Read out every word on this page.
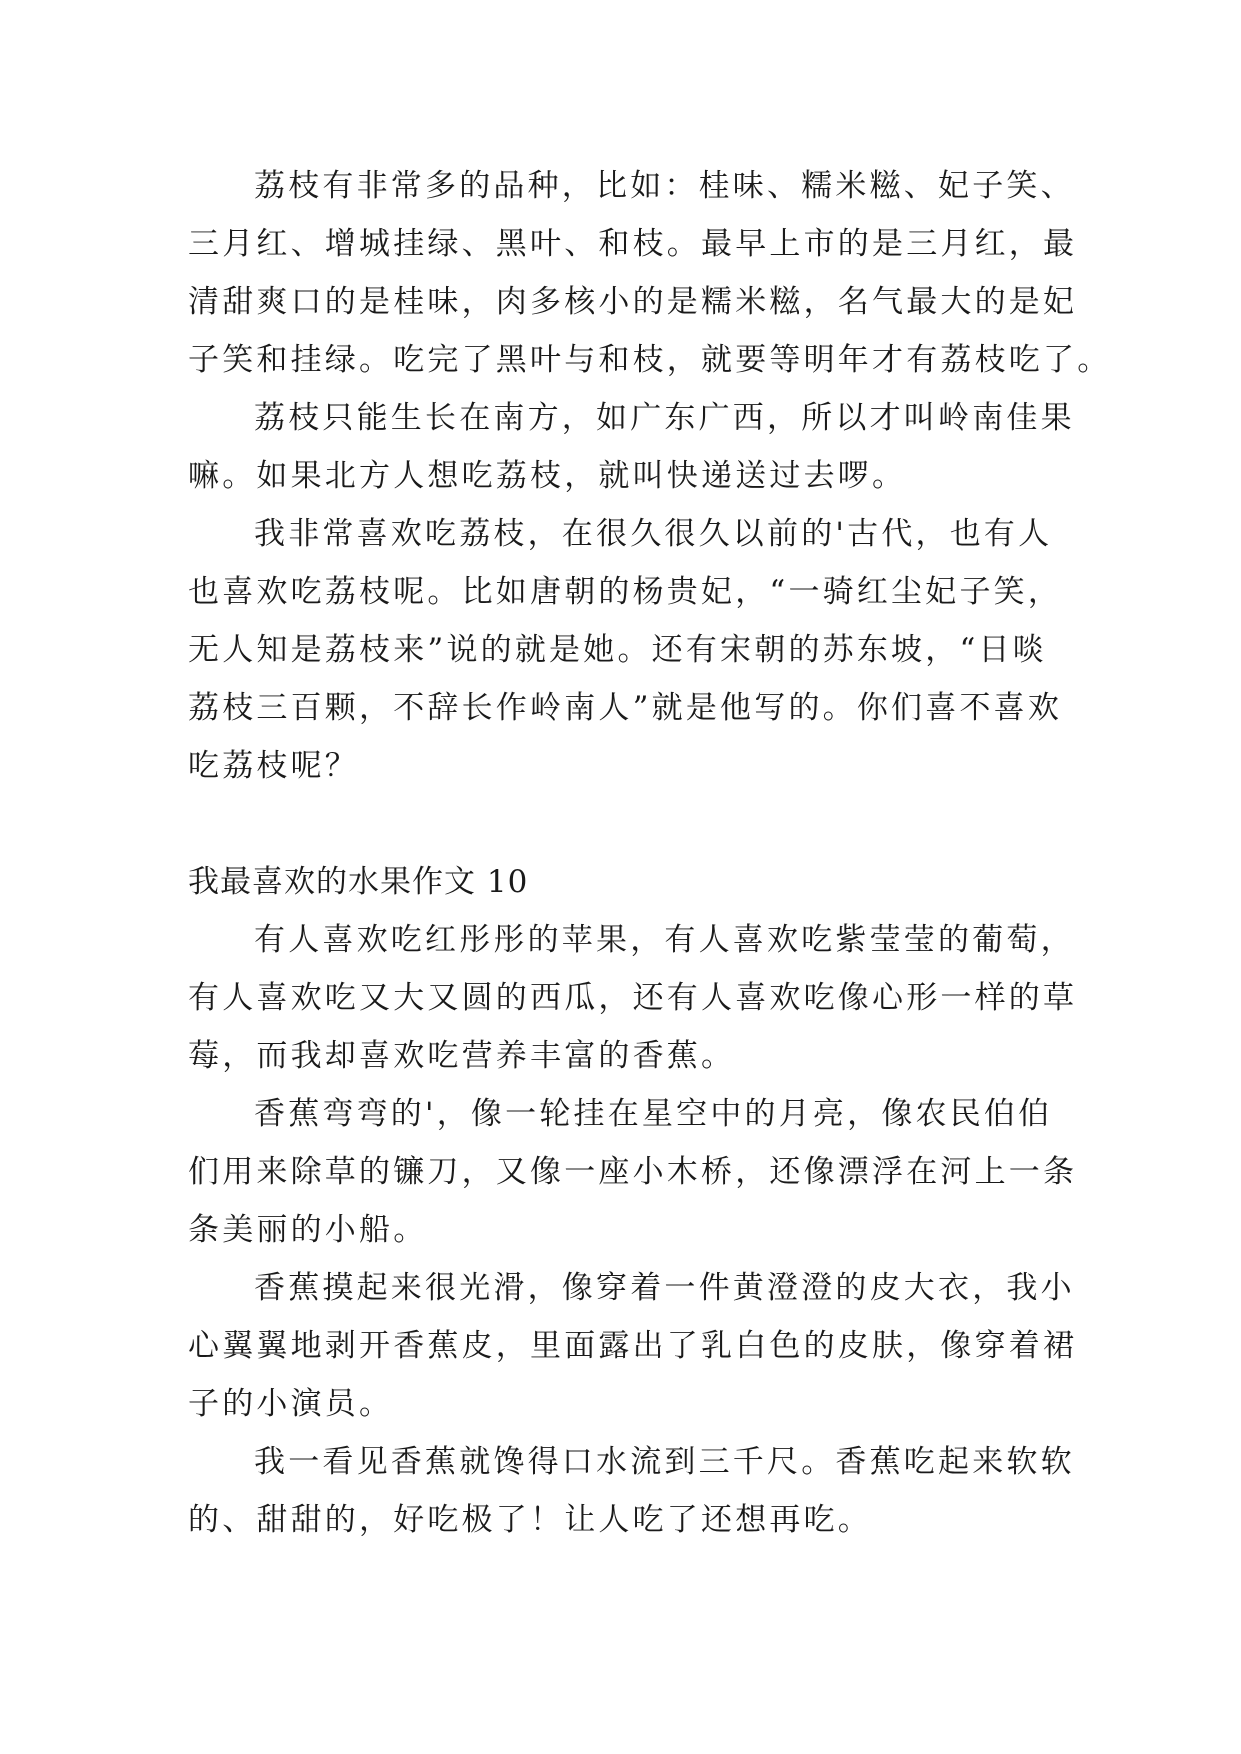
荔枝有非常多的品种，比如：桂味、糯米糍、妃子笑、
三月红、增城挂绿、黑叶、和枝。最早上市的是三月红，最
清甜爽口的是桂味，肉多核小的是糯米糍，名气最大的是妃
子笑和挂绿。吃完了黑叶与和枝，就要等明年才有荔枝吃了。
荔枝只能生长在南方，如广东广西，所以才叫岭南佳果
嘛。如果北方人想吃荔枝，就叫快递送过去啰。
我非常喜欢吃荔枝，在很久很久以前的'古代，也有人
也喜欢吃荔枝呢。比如唐朝的杨贵妃，“一骑红尘妃子笑，
无人知是荔枝来”说的就是她。还有宋朝的苏东坡，“日啖
荔枝三百颗，不辞长作岭南人”就是他写的。你们喜不喜欢
吃荔枝呢？
我最喜欢的水果作文 10
有人喜欢吃红彤彤的苹果，有人喜欢吃紫莹莹的葡萄，
有人喜欢吃又大又圆的西瓜，还有人喜欢吃像心形一样的草
莓，而我却喜欢吃营养丰富的香蕉。
香蕉弯弯的'，像一轮挂在星空中的月亮，像农民伯伯
们用来除草的镰刀，又像一座小木桥，还像漂浮在河上一条
条美丽的小船。
香蕉摸起来很光滑，像穿着一件黄澄澄的皮大衣，我小
心翼翼地剥开香蕉皮，里面露出了乳白色的皮肤，像穿着裙
子的小演员。
我一看见香蕉就馋得口水流到三千尺。香蕉吃起来软软
的、甜甜的，好吃极了！让人吃了还想再吃。
